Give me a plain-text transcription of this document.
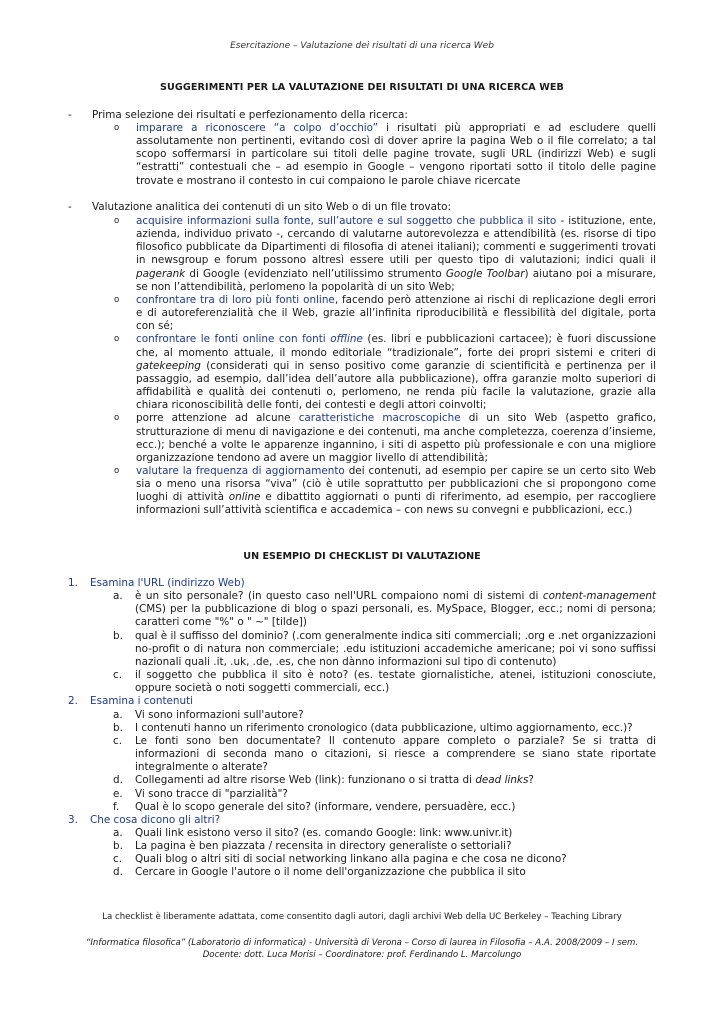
Esercitazione – Valutazione dei risultati di una ricerca Web
SUGGERIMENTI PER LA VALUTAZIONE DEI RISULTATI DI UNA RICERCA WEB
- Prima selezione dei risultati e perfezionamento della ricerca:
o imparare a riconoscere “a colpo d’occhio” i risultati più appropriati e ad escludere quelli assolutamente non pertinenti, evitando così di dover aprire la pagina Web o il file correlato; a tal scopo soffermarsi in particolare sui titoli delle pagine trovate, sugli URL (indirizzi Web) e sugli “estratti” contestuali che – ad esempio in Google – vengono riportati sotto il titolo delle pagine trovate e mostrano il contesto in cui compaiono le parole chiave ricercate
- Valutazione analitica dei contenuti di un sito Web o di un file trovato:
o acquisire informazioni sulla fonte, sull’autore e sul soggetto che pubblica il sito - istituzione, ente, azienda, individuo privato -, cercando di valutarne autorevolezza e attendibilità (es. risorse di tipo filosofico pubblicate da Dipartimenti di filosofia di atenei italiani); commenti e suggerimenti trovati in newsgroup e forum possono altresì essere utili per questo tipo di valutazioni; indici quali il pagerank di Google (evidenziato nell’utilissimo strumento Google Toolbar) aiutano poi a misurare, se non l’attendibilità, perlomeno la popolarità di un sito Web;
o confrontare tra di loro più fonti online, facendo però attenzione ai rischi di replicazione degli errori e di autoreferenzialità che il Web, grazie all’infinita riproducibilità e flessibilità del digitale, porta con sé;
o confrontare le fonti online con fonti offline (es. libri e pubblicazioni cartacee); è fuori discussione che, al momento attuale, il mondo editoriale “tradizionale”, forte dei propri sistemi e criteri di gatekeeping (considerati qui in senso positivo come garanzie di scientificità e pertinenza per il passaggio, ad esempio, dall’idea dell’autore alla pubblicazione), offra garanzie molto superiori di affidabilità e qualità dei contenuti o, perlomeno, ne renda più facile la valutazione, grazie alla chiara riconoscibilità delle fonti, dei contesti e degli attori coinvolti;
o porre attenzione ad alcune caratteristiche macroscopiche di un sito Web (aspetto grafico, strutturazione di menu di navigazione e dei contenuti, ma anche completezza, coerenza d’insieme, ecc.); benché a volte le apparenze ingannino, i siti di aspetto più professionale e con una migliore organizzazione tendono ad avere un maggior livello di attendibilità;
o valutare la frequenza di aggiornamento dei contenuti, ad esempio per capire se un certo sito Web sia o meno una risorsa “viva” (ciò è utile soprattutto per pubblicazioni che si propongono come luoghi di attività online e dibattito aggiornati o punti di riferimento, ad esempio, per raccogliere informazioni sull’attività scientifica e accademica – con news su convegni e pubblicazioni, ecc.)
UN ESEMPIO DI CHECKLIST DI VALUTAZIONE
1. Esamina l'URL (indirizzo Web)
a. è un sito personale? (in questo caso nell'URL compaiono nomi di sistemi di content-management (CMS) per la pubblicazione di blog o spazi personali, es. MySpace, Blogger, ecc.; nomi di persona; caratteri come "%" o " ~" [tilde])
b. qual è il suffisso del dominio? (.com generalmente indica siti commerciali; .org e .net organizzazioni no-profit o di natura non commerciale; .edu istituzioni accademiche americane; poi vi sono suffissi nazionali quali .it, .uk, .de, .es, che non dànno informazioni sul tipo di contenuto)
c. il soggetto che pubblica il sito è noto? (es. testate giornalistiche, atenei, istituzioni conosciute, oppure società o noti soggetti commerciali, ecc.)
2. Esamina i contenuti
a. Vi sono informazioni sull'autore?
b. I contenuti hanno un riferimento cronologico (data pubblicazione, ultimo aggiornamento, ecc.)?
c. Le fonti sono ben documentate? Il contenuto appare completo o parziale? Se si tratta di informazioni di seconda mano o citazioni, si riesce a comprendere se siano state riportate integralmente o alterate?
d. Collegamenti ad altre risorse Web (link): funzionano o si tratta di dead links?
e. Vi sono tracce di "parzialità"?
f. Qual è lo scopo generale del sito? (informare, vendere, persuadère, ecc.)
3. Che cosa dicono gli altri?
a. Quali link esistono verso il sito? (es. comando Google: link: www.univr.it)
b. La pagina è ben piazzata / recensita in directory generaliste o settoriali?
c. Quali blog o altri siti di social networking linkano alla pagina e che cosa ne dicono?
d. Cercare in Google l'autore o il nome dell'organizzazione che pubblica il sito
La checklist è liberamente adattata, come consentito dagli autori, dagli archivi Web della UC Berkeley – Teaching Library
“Informatica filosofica” (Laboratorio di informatica) - Università di Verona – Corso di laurea in Filosofia – A.A. 2008/2009 – I sem.
Docente: dott. Luca Morisi – Coordinatore: prof. Ferdinando L. Marcolungo
